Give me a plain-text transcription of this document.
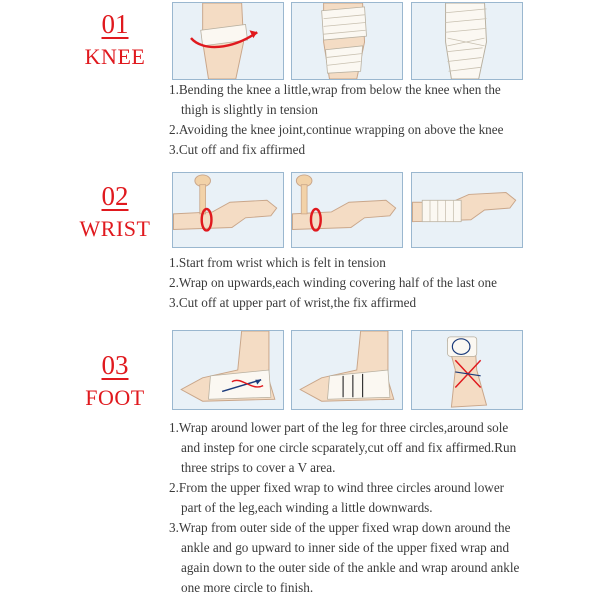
01
KNEE
1.Bending the knee a little,wrap from below the knee when the
thigh is slightly in tension
2.Avoiding the knee joint,continue wrapping on above the knee
3.Cut off and fix affirmed
02
WRIST
1.Start from wrist which is felt in tension
2.Wrap on upwards,each winding covering half of the last one
3.Cut off at upper part of wrist,the fix affirmed
03
FOOT
1.Wrap around lower part of the leg for three circles,around sole
and instep for one circle scparately,cut off and fix affirmed.Run
three strips to cover a V area.
2.From the upper fixed wrap to wind three circles around lower
part of the leg,each winding a little downwards.
3.Wrap from outer side of the upper fixed wrap down around the
ankle and go upward to inner side of the upper fixed wrap and
again down to the outer side of the ankle and wrap around ankle
one more circle to finish.
